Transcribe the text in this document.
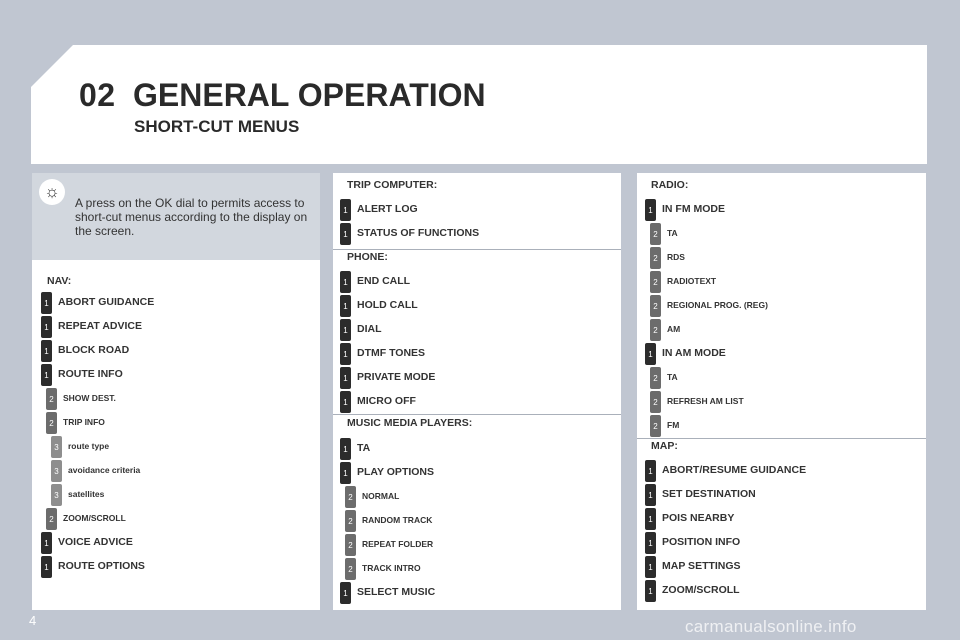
02 GENERAL OPERATION
SHORT-CUT MENUS
☼
A press on the OK dial to permits access to short-cut menus according to the display on the screen.
NAV:
TRIP COMPUTER:
PHONE:
MUSIC MEDIA PLAYERS:
RADIO:
MAP:
1 ABORT GUIDANCE
1 REPEAT ADVICE
1 BLOCK ROAD
1 ROUTE INFO
2	SHOW DEST.
2	TRIP INFO
3	route type
3	avoidance criteria
3	satellites
2	ZOOM/SCROLL
1 VOICE ADVICE
1 ROUTE OPTIONS
1 ALERT LOG
1 STATUS OF FUNCTIONS
1 END CALL
1 HOLD CALL
1 DIAL
1 DTMF TONES
1 PRIVATE MODE
1 MICRO OFF
1 TA
1 PLAY OPTIONS
2	NORMAL
2	RANDOM TRACK
2	REPEAT FOLDER
2	TRACK INTRO
1 SELECT MUSIC
1 IN FM MODE
2	TA
2	RDS
2	RADIOTEXT
2	REGIONAL PROG. (REG)
2	AM
1 IN AM MODE
2	TA
2	REFRESH AM LIST
2	FM
1 ABORT/RESUME GUIDANCE
1 SET DESTINATION
1 POIS NEARBY
1 POSITION INFO
1 MAP SETTINGS
1 ZOOM/SCROLL
4	carmanualsonline.info
